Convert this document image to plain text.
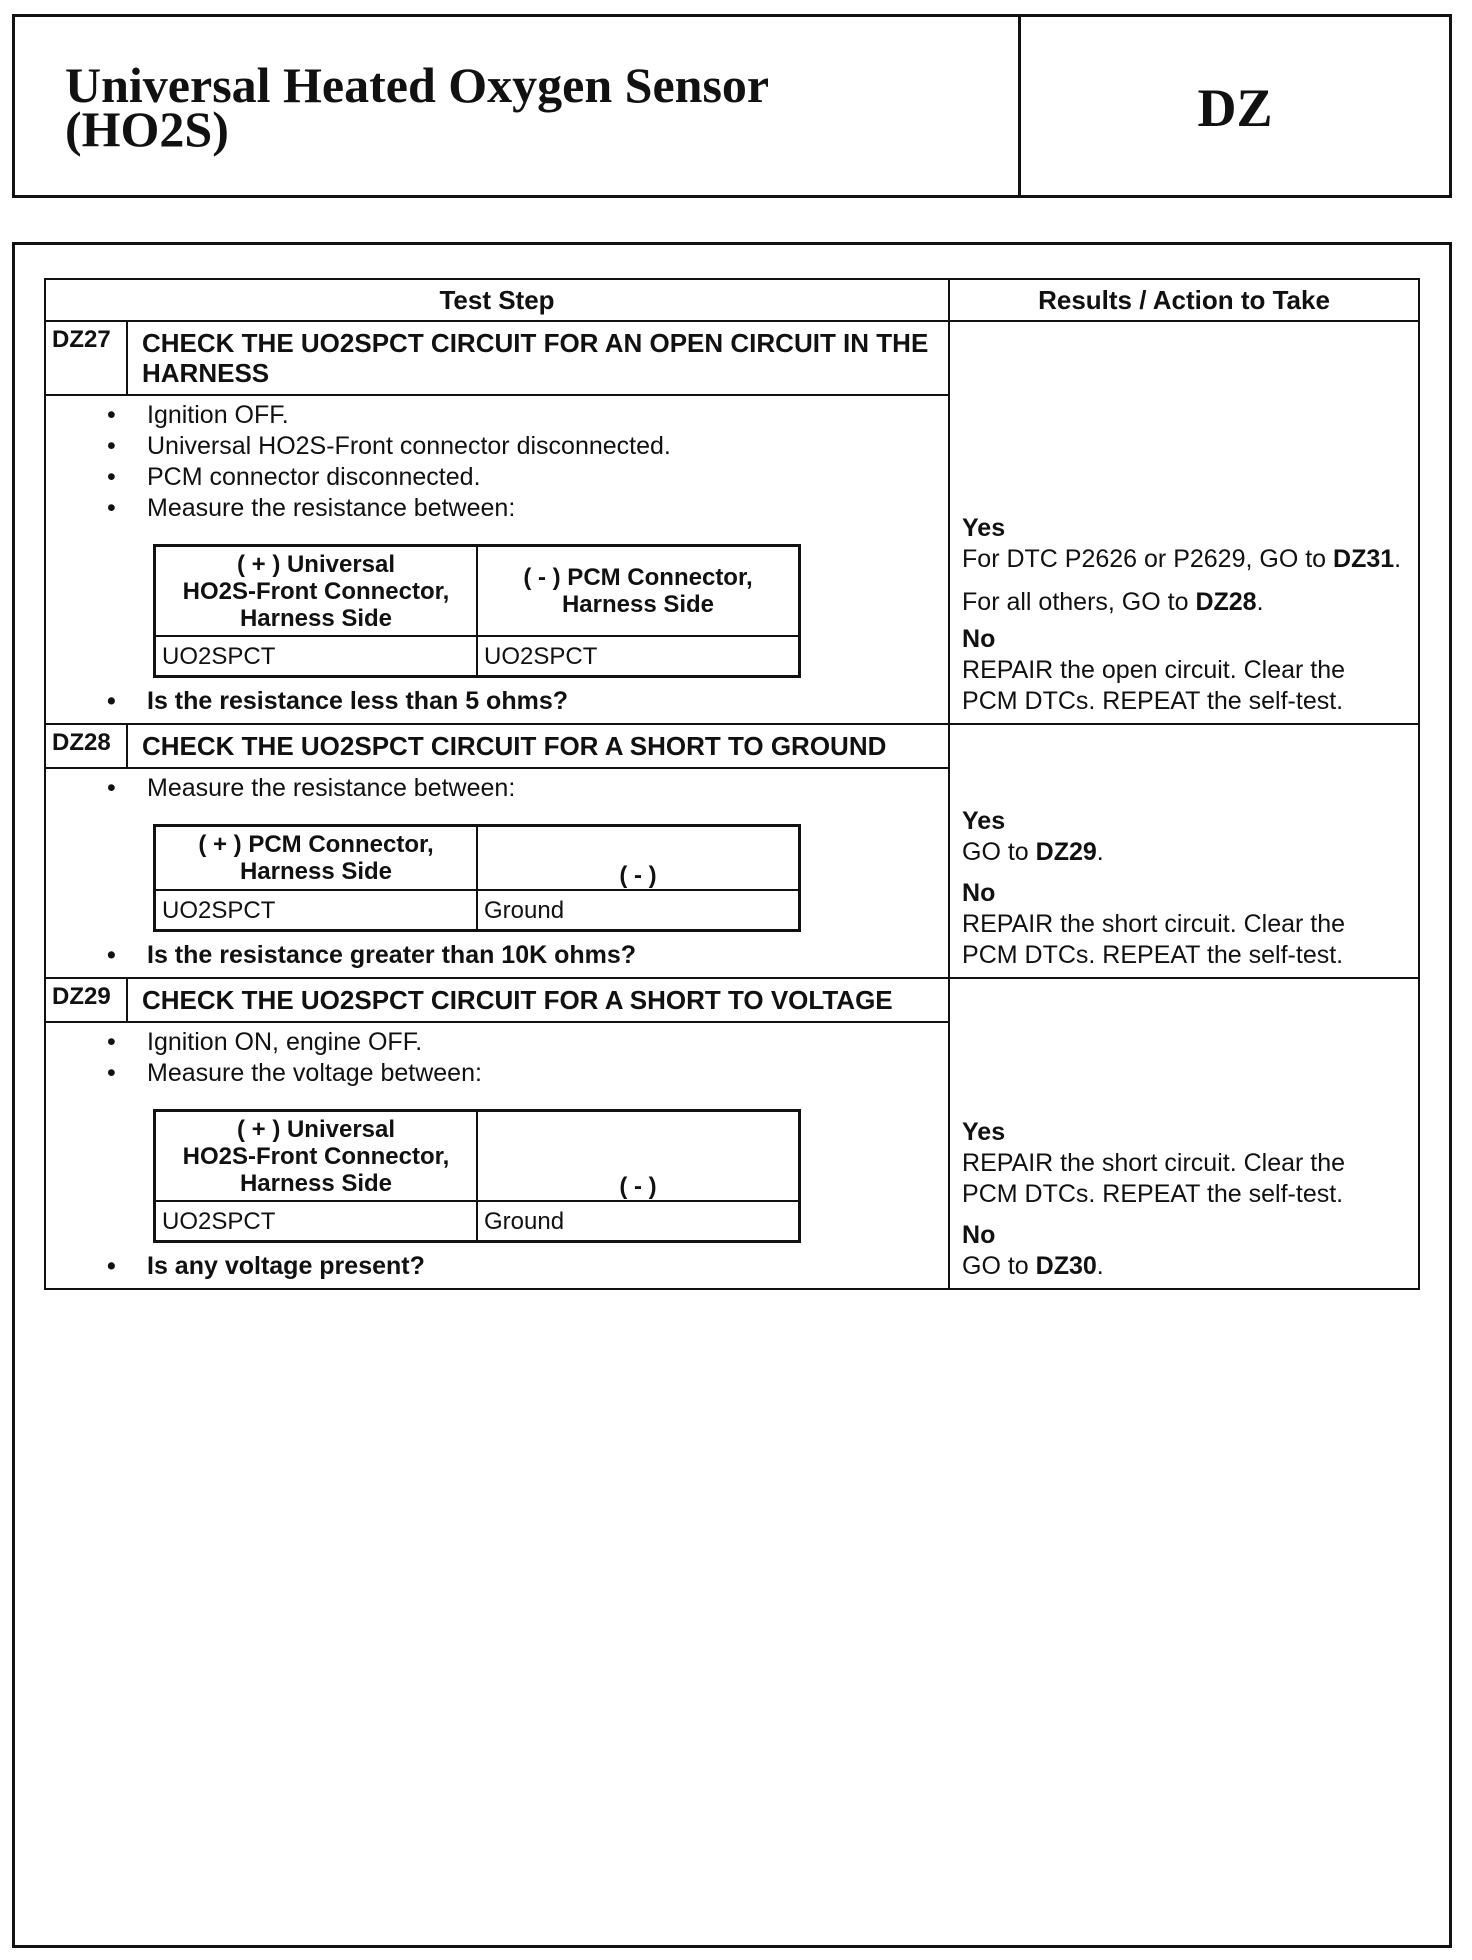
Universal Heated Oxygen Sensor
(HO2S)	DZ
Test Step	Results / Action to Take
DZ27	CHECK THE UO2SPCT CIRCUIT FOR AN OPEN CIRCUIT IN THE HARNESS	

Yes

For DTC P2626 or P2629, GO to DZ31.

For all others, GO to DZ28.

No

REPAIR the open circuit. Clear the PCM DTCs. REPEAT the self-test.

• Ignition OFF.
• Universal HO2S-Front connector disconnected.
• PCM connector disconnected.
• Measure the resistance between:
( + ) Universal
HO2S-Front Connector,
Harness Side

( - ) PCM Connector,
Harness Side

UO2SPCT	UO2SPCT
• Is the resistance less than 5 ohms?

DZ28	CHECK THE UO2SPCT CIRCUIT FOR A SHORT TO GROUND	

Yes

GO to DZ29.

No

REPAIR the short circuit. Clear the PCM DTCs. REPEAT the self-test.

• Measure the resistance between:
( + ) PCM Connector,
Harness Side	( - )
UO2SPCT	Ground
• Is the resistance greater than 10K ohms?

DZ29	CHECK THE UO2SPCT CIRCUIT FOR A SHORT TO VOLTAGE	

Yes

REPAIR the short circuit. Clear the PCM DTCs. REPEAT the self-test.

No

GO to DZ30.

• Ignition ON, engine OFF.
• Measure the voltage between:
( + ) Universal
HO2S-Front Connector,
Harness Side	( - )
UO2SPCT	Ground
• Is any voltage present?
